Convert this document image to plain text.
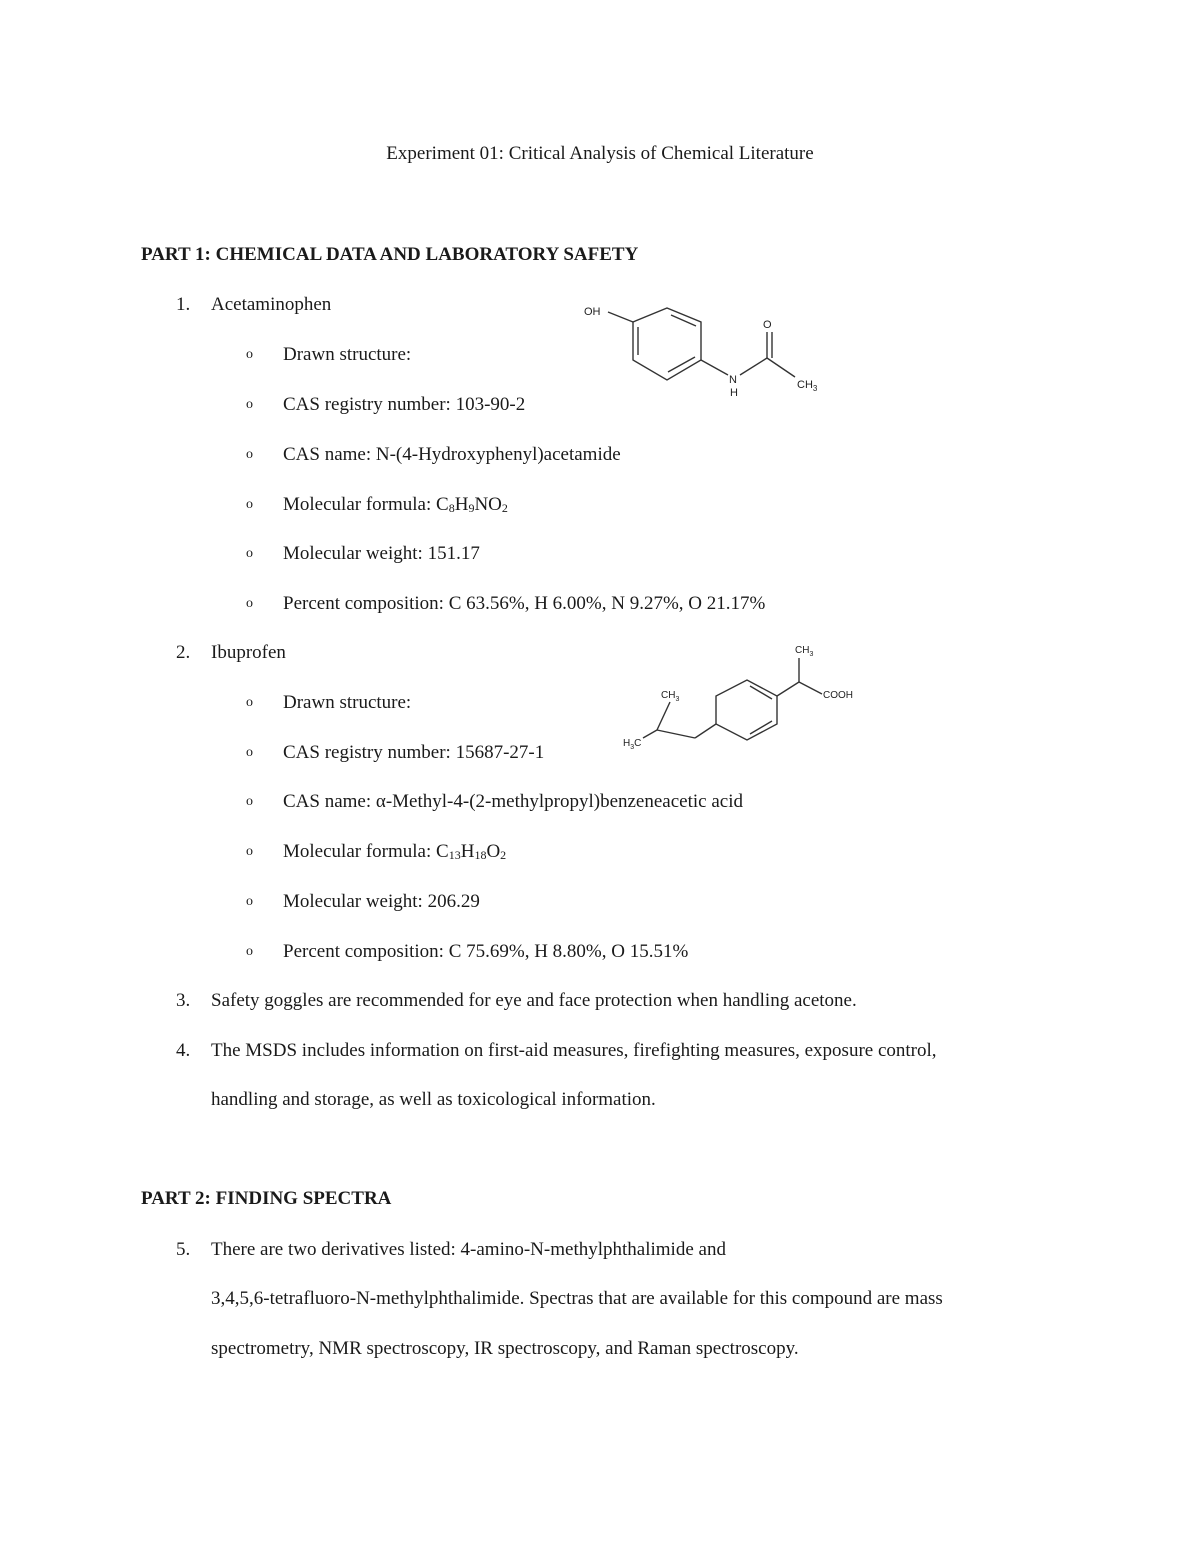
Experiment 01: Critical Analysis of Chemical Literature
PART 1: CHEMICAL DATA AND LABORATORY SAFETY
1.	Acetaminophen
o Drawn structure:
o CAS registry number: 103-90-2
o CAS name: N-(4-Hydroxyphenyl)acetamide
o Molecular formula: $C_8H_9NO_2$
o Molecular weight: 151.17
o Percent composition: C 63.56%, H 6.00%, N 9.27%, O 21.17%
OH
O
N
H
$CH_3$
2.	Ibuprofen
o Drawn structure:
o CAS registry number: 15687-27-1
o CAS name: α-Methyl-4-(2-methylpropyl)benzeneacetic acid
o Molecular formula: $C_{13}H_{18}O_2$
o Molecular weight: 206.29
o Percent composition: C 75.69%, H 8.80%, O 15.51%
$CH_3$
COOH
$CH_3$
$H_3C$
3.	Safety goggles are recommended for eye and face protection when handling acetone.
4.	The MSDS includes information on first-aid measures, firefighting measures, exposure control,
handling and storage, as well as toxicological information.
PART 2: FINDING SPECTRA
5.	There are two derivatives listed: 4-amino-N-methylphthalimide and
3,4,5,6-tetrafluoro-N-methylphthalimide. Spectras that are available for this compound are mass
spectrometry, NMR spectroscopy, IR spectroscopy, and Raman spectroscopy.
